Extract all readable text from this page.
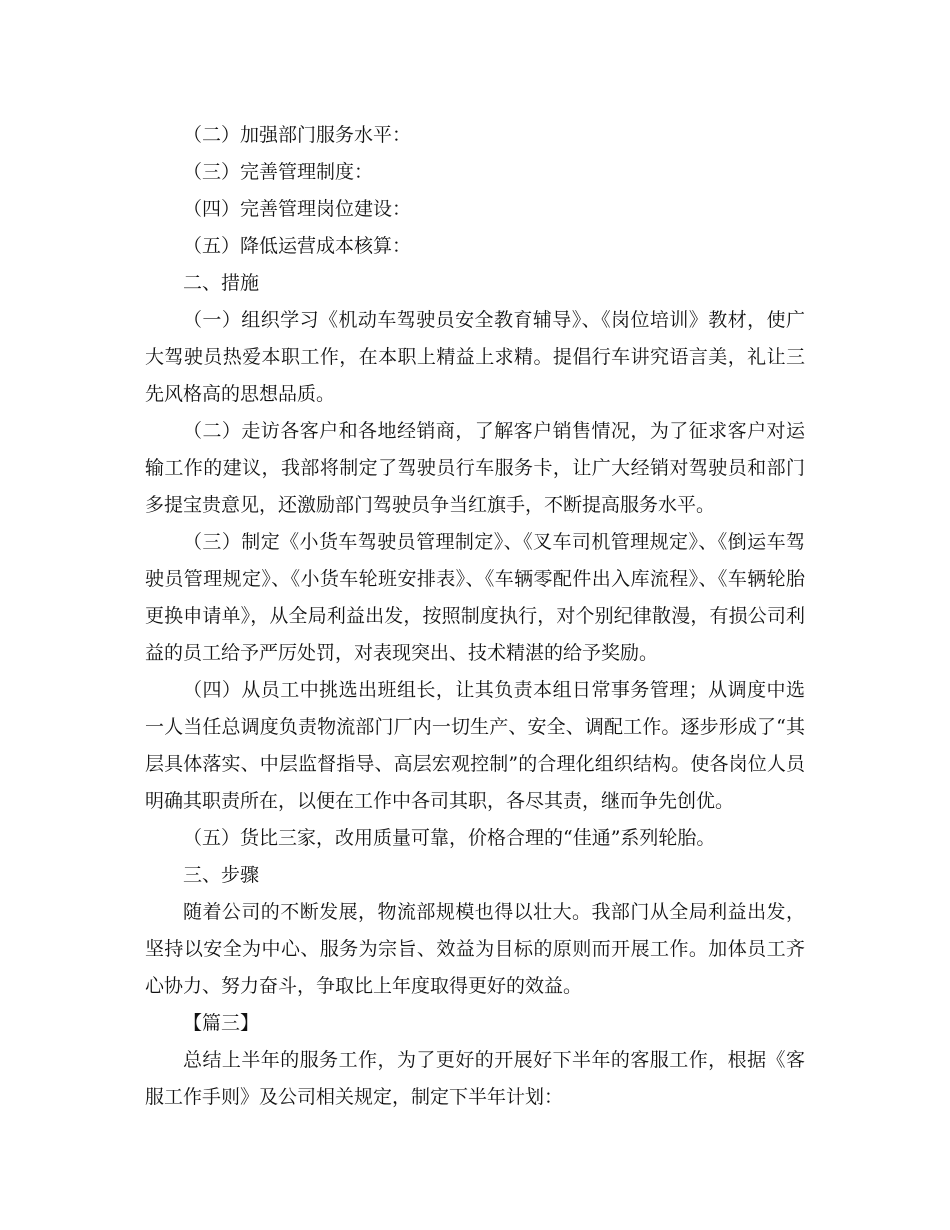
（二）加强部门服务水平：

（三）完善管理制度：

（四）完善管理岗位建设：

（五）降低运营成本核算：

二、措施

（一）组织学习《机动车驾驶员安全教育辅导》、《岗位培训》教材，使广大驾驶员热爱本职工作，在本职上精益上求精。提倡行车讲究语言美，礼让三先风格高的思想品质。

（二）走访各客户和各地经销商，了解客户销售情况，为了征求客户对运输工作的建议，我部将制定了驾驶员行车服务卡，让广大经销对驾驶员和部门多提宝贵意见，还激励部门驾驶员争当红旗手，不断提高服务水平。

（三）制定《小货车驾驶员管理制定》、《叉车司机管理规定》、《倒运车驾驶员管理规定》、《小货车轮班安排表》、《车辆零配件出入库流程》、《车辆轮胎更换申请单》，从全局利益出发，按照制度执行，对个别纪律散漫，有损公司利益的员工给予严厉处罚，对表现突出、技术精湛的给予奖励。

（四）从员工中挑选出班组长，让其负责本组日常事务管理；从调度中选一人当任总调度负责物流部门厂内一切生产、安全、调配工作。逐步形成了“其层具体落实、中层监督指导、高层宏观控制”的合理化组织结构。使各岗位人员明确其职责所在，以便在工作中各司其职，各尽其责，继而争先创优。

（五）货比三家，改用质量可靠，价格合理的“佳通”系列轮胎。

三、步骤

随着公司的不断发展，物流部规模也得以壮大。我部门从全局利益出发，坚持以安全为中心、服务为宗旨、效益为目标的原则而开展工作。加体员工齐心协力、努力奋斗，争取比上年度取得更好的效益。

【篇三】

总结上半年的服务工作，为了更好的开展好下半年的客服工作，根据《客服工作手则》及公司相关规定，制定下半年计划：
